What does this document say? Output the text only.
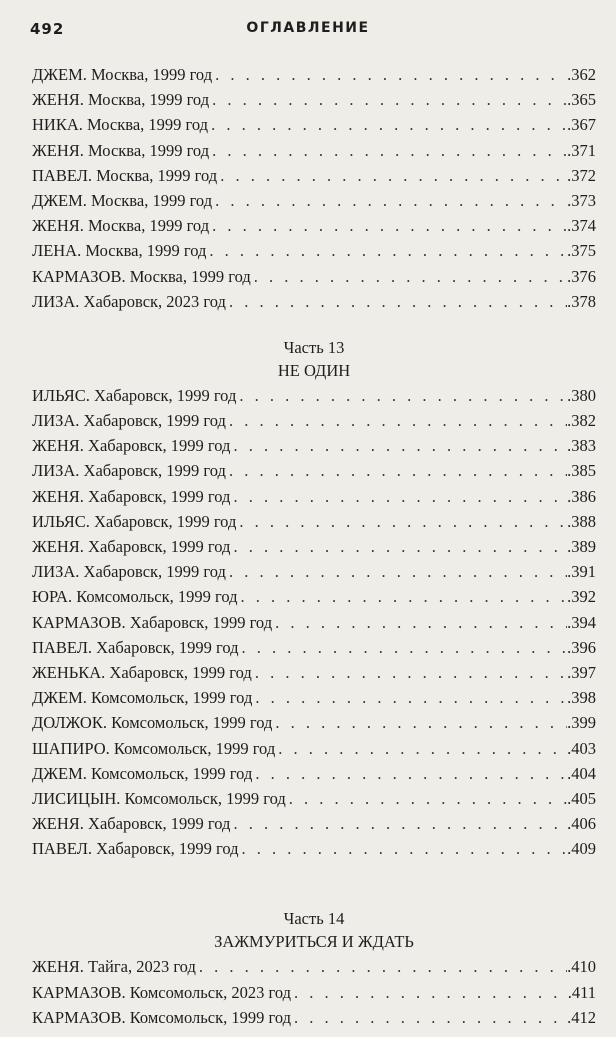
492	ОГЛАВЛЕНИЕ
ДЖЕМ. Москва, 1999 год . . .	.362
ЖЕНЯ. Москва, 1999 год . . .	.365
НИКА. Москва, 1999 год . . .	.367
ЖЕНЯ. Москва, 1999 год . . .	.371
ПАВЕЛ. Москва, 1999 год . . .	.372
ДЖЕМ. Москва, 1999 год . . .	.373
ЖЕНЯ. Москва, 1999 год . . .	.374
ЛЕНА. Москва, 1999 год . . .	.375
КАРМАЗОВ. Москва, 1999 год . . .	.376
ЛИЗА. Хабаровск, 2023 год . . .	.378
Часть 13
НЕ ОДИН
ИЛЬЯС. Хабаровск, 1999 год . . .	.380
ЛИЗА. Хабаровск, 1999 год . . .	.382
ЖЕНЯ. Хабаровск, 1999 год . . .	.383
ЛИЗА. Хабаровск, 1999 год . . .	.385
ЖЕНЯ. Хабаровск, 1999 год . . .	.386
ИЛЬЯС. Хабаровск, 1999 год . . .	.388
ЖЕНЯ. Хабаровск, 1999 год . . .	.389
ЛИЗА. Хабаровск, 1999 год . . .	.391
ЮРА. Комсомольск, 1999 год . . .	.392
КАРМАЗОВ. Хабаровск, 1999 год . . .	.394
ПАВЕЛ. Хабаровск, 1999 год . . .	.396
ЖЕНЬКА. Хабаровск, 1999 год . . .	.397
ДЖЕМ. Комсомольск, 1999 год . . .	.398
ДОЛЖОК. Комсомольск, 1999 год . . .	.399
ШАПИРО. Комсомольск, 1999 год . . .	.403
ДЖЕМ. Комсомольск, 1999 год . . .	.404
ЛИСИЦЫН. Комсомольск, 1999 год . . .	.405
ЖЕНЯ. Хабаровск, 1999 год . . .	.406
ПАВЕЛ. Хабаровск, 1999 год . . .	.409
Часть 14
ЗАЖМУРИТЬСЯ И ЖДАТЬ
ЖЕНЯ. Тайга, 2023 год . . .	.410
КАРМАЗОВ. Комсомольск, 2023 год . . .	.411
КАРМАЗОВ. Комсомольск, 1999 год . . .	.412
